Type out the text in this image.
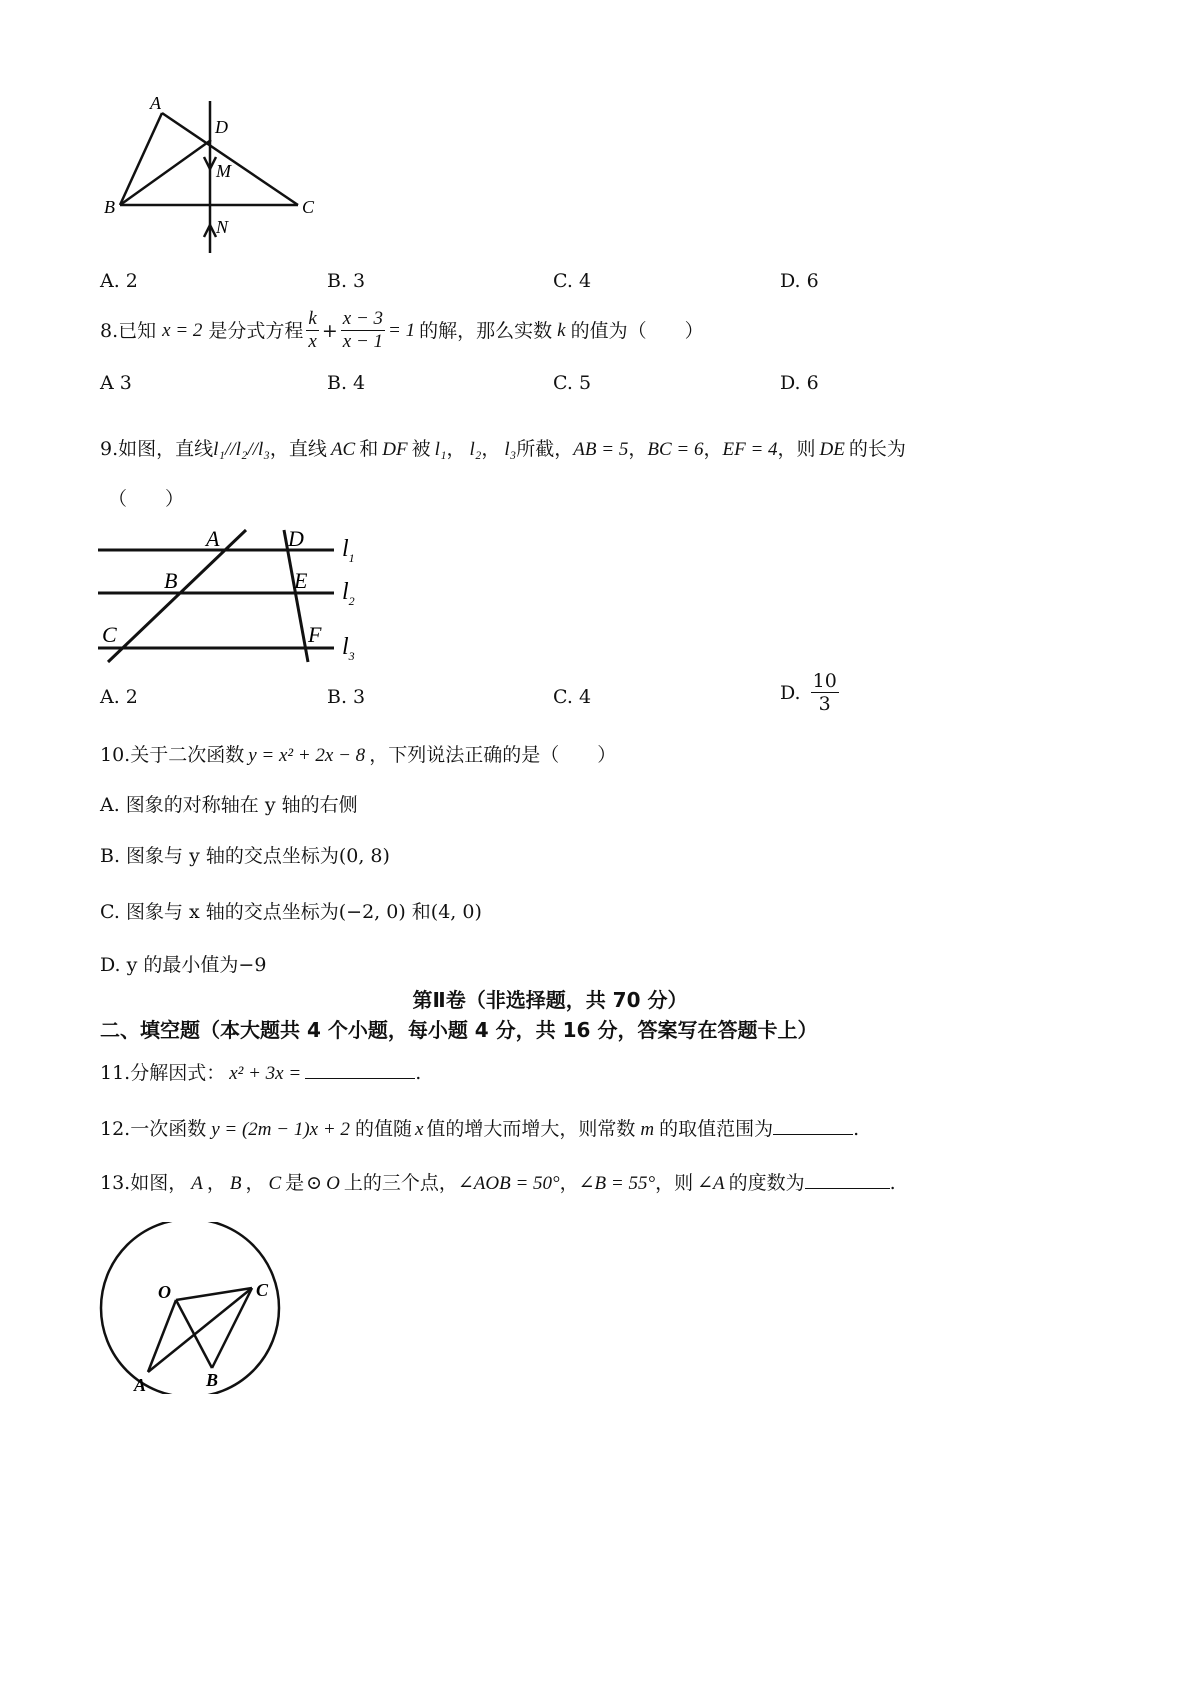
A
B	C
D
M
N
A. 2	B. 3	C. 4	D. 6
8.已知 x = 2 是分式方程 $\frac{k}{x} + \frac{x - 3}{x - 1} = 1$ 的解，那么实数 k 的值为（　　）
A 3	B. 4	C. 5	D. 6
9.如图，直线l₁//l₂//l₃，直线 AC 和 DF 被 l₁， l₂， l₃所截，AB = 5，BC = 6，EF = 4，则 DE 的长为
（　　）
A
B
C
D
E
F
$l_1$
$l_2$
$l_3$
A. 2	B. 3	C. 4	D. $\frac{10}{3}$
10.关于二次函数 y = x² + 2x − 8 ，下列说法正确的是（　　）
A. 图象的对称轴在 y 轴的右侧
B. 图象与 y 轴的交点坐标为(0, 8)
C. 图象与 x 轴的交点坐标为(−2, 0) 和(4, 0)
D. y 的最小值为−9
第Ⅱ卷（非选择题，共 70 分）
二、填空题（本大题共 4 个小题，每小题 4 分，共 16 分，答案写在答题卡上）
11.分解因式： x² + 3x =	.
12.一次函数 y = (2m − 1)x + 2 的值随 x 值的增大而增大，则常数 m 的取值范围为	.
13.如图， A ， B ， C 是 ⊙ O 上的三个点，∠AOB = 50°，∠B = 55°，则 ∠A 的度数为	.
O
A	B
C
